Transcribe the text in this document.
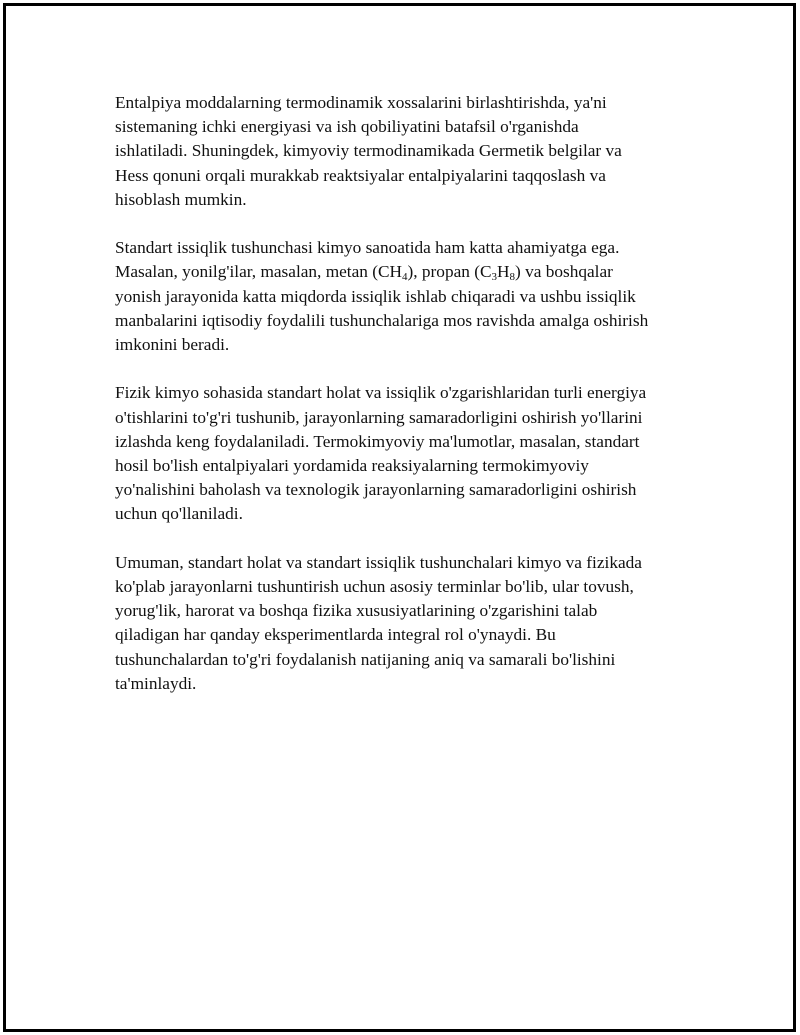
Entalpiya moddalarning termodinamik xossalarini birlashtirishda, ya'ni
sistemaning ichki energiyasi va ish qobiliyatini batafsil o'rganishda
ishlatiladi. Shuningdek, kimyoviy termodinamikada Germetik belgilar va
Hess qonuni orqali murakkab reaktsiyalar entalpiyalarini taqqoslash va
hisoblash mumkin.

Standart issiqlik tushunchasi kimyo sanoatida ham katta ahamiyatga ega.
Masalan, yonilg'ilar, masalan, metan $(CH_4)$, propan $(C_3H_8)$ va boshqalar
yonish jarayonida katta miqdorda issiqlik ishlab chiqaradi va ushbu issiqlik
manbalarini iqtisodiy foydalili tushunchalariga mos ravishda amalga oshirish
imkonini beradi.

Fizik kimyo sohasida standart holat va issiqlik o'zgarishlaridan turli energiya
o'tishlarini to'g'ri tushunib, jarayonlarning samaradorligini oshirish yo'llarini
izlashda keng foydalaniladi. Termokimyoviy ma'lumotlar, masalan, standart
hosil bo'lish entalpiyalari yordamida reaksiyalarning termokimyoviy
yo'nalishini baholash va texnologik jarayonlarning samaradorligini oshirish
uchun qo'llaniladi.

Umuman, standart holat va standart issiqlik tushunchalari kimyo va fizikada
ko'plab jarayonlarni tushuntirish uchun asosiy terminlar bo'lib, ular tovush,
yorug'lik, harorat va boshqa fizika xususiyatlarining o'zgarishini talab
qiladigan har qanday eksperimentlarda integral rol o'ynaydi. Bu
tushunchalardan to'g'ri foydalanish natijaning aniq va samarali bo'lishini
ta'minlaydi.
